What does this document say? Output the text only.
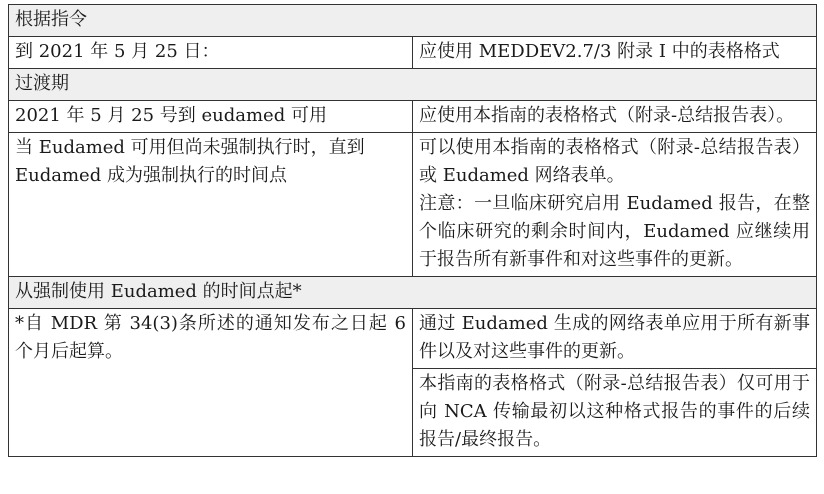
根据指令	
到 2021 年 5 月 25 日：	应使用 MEDDEV2.7/3 附录 I 中的表格格式
过渡期	
2021 年 5 月 25 号到 eudamed 可用	应使用本指南的表格格式（附录-总结报告表）。
当 Eudamed 可用但尚未强制执行时，直到 Eudamed 成为强制执行的时间点	可以使用本指南的表格格式（附录-总结报告表）或 Eudamed 网络表单。
注意：一旦临床研究启用 Eudamed 报告，在整个临床研究的剩余时间内，Eudamed 应继续用于报告所有新事件和对这些事件的更新。

从强制使用 Eudamed 的时间点起*	
*自 MDR 第 34(3)条所述的通知发布之日起 6 个月后起算。	通过 Eudamed 生成的网络表单应用于所有新事件以及对这些事件的更新。
	本指南的表格格式（附录-总结报告表）仅可用于向 NCA 传输最初以这种格式报告的事件的后续报告/最终报告。
